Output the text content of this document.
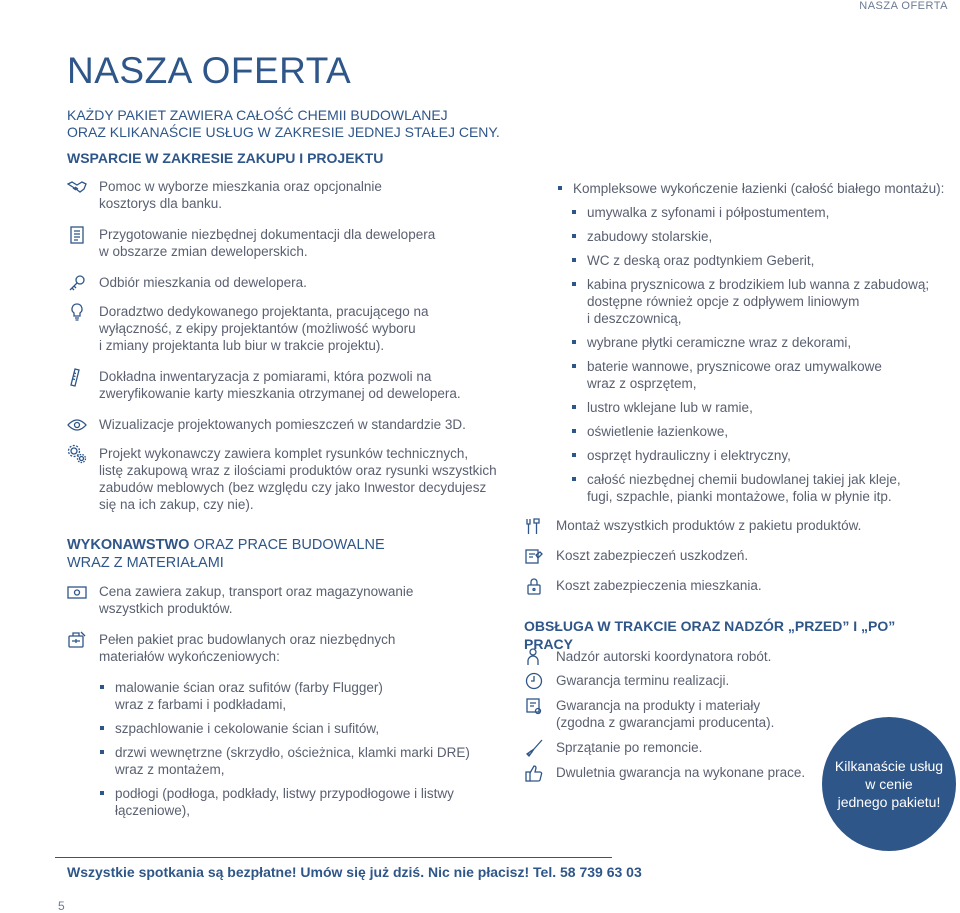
NASZA OFERTA
NASZA OFERTA
KAŻDY PAKIET ZAWIERA CAŁOŚĆ CHEMII BUDOWLANEJ
ORAZ KLIKANAŚCIE USŁUG W ZAKRESIE JEDNEJ STAŁEJ CENY.
WSPARCIE W ZAKRESIE ZAKUPU I PROJEKTU
Pomoc w wyborze mieszkania oraz opcjonalnie
kosztorys dla banku.
Przygotowanie niezbędnej dokumentacji dla dewelopera
w obszarze zmian deweloperskich.
Odbiór mieszkania od dewelopera.
Doradztwo dedykowanego projektanta, pracującego na
wyłączność, z ekipy projektantów (możliwość wyboru
i zmiany projektanta lub biur w trakcie projektu).
Dokładna inwentaryzacja z pomiarami, która pozwoli na
zweryfikowanie karty mieszkania otrzymanej od dewelopera.
Wizualizacje projektowanych pomieszczeń w standardzie 3D.
Projekt wykonawczy zawiera komplet rysunków technicznych,
listę zakupową wraz z ilościami produktów oraz rysunki wszystkich
zabudów meblowych (bez względu czy jako Inwestor decydujesz
się na ich zakup, czy nie).
WYKONAWSTWO ORAZ PRACE BUDOWALNE
WRAZ Z MATERIAŁAMI
Cena zawiera zakup, transport oraz magazynowanie
wszystkich produktów.
Pełen pakiet prac budowlanych oraz niezbędnych
materiałów wykończeniowych:
malowanie ścian oraz sufitów (farby Flugger)
wraz z farbami i podkładami,
szpachlowanie i cekolowanie ścian i sufitów,
drzwi wewnętrzne (skrzydło, ościeżnica, klamki marki DRE)
wraz z montażem,
podłogi (podłoga, podkłady, listwy przypodłogowe i listwy
łączeniowe),
Kompleksowe wykończenie łazienki (całość białego montażu):
umywalka z syfonami i półpostumentem,
zabudowy stolarskie,
WC z deską oraz podtynkiem Geberit,
kabina prysznicowa z brodzikiem lub wanna z zabudową;
dostępne również opcje z odpływem liniowym
i deszczownicą,
wybrane płytki ceramiczne wraz z dekorami,
baterie wannowe, prysznicowe oraz umywalkowe
wraz z osprzętem,
lustro wklejane lub w ramie,
oświetlenie łazienkowe,
osprzęt hydrauliczny i elektryczny,
całość niezbędnej chemii budowlanej takiej jak kleje,
fugi, szpachle, pianki montażowe, folia w płynie itp.
Montaż wszystkich produktów z pakietu produktów.
Koszt zabezpieczeń uszkodzeń.
Koszt zabezpieczenia mieszkania.
OBSŁUGA W TRAKCIE ORAZ NADZÓR „PRZED” I „PO” PRACY
Nadzór autorski koordynatora robót.
Gwarancja terminu realizacji.
Gwarancja na produkty i materiały
(zgodna z gwarancjami producenta).
Sprzątanie po remoncie.
Dwuletnia gwarancja na wykonane prace. Kilkanaście usług
w cenie
jednego pakietu!
Wszystkie spotkania są bezpłatne! Umów się już dziś. Nic nie płacisz! Tel. 58 739 63 03
5
